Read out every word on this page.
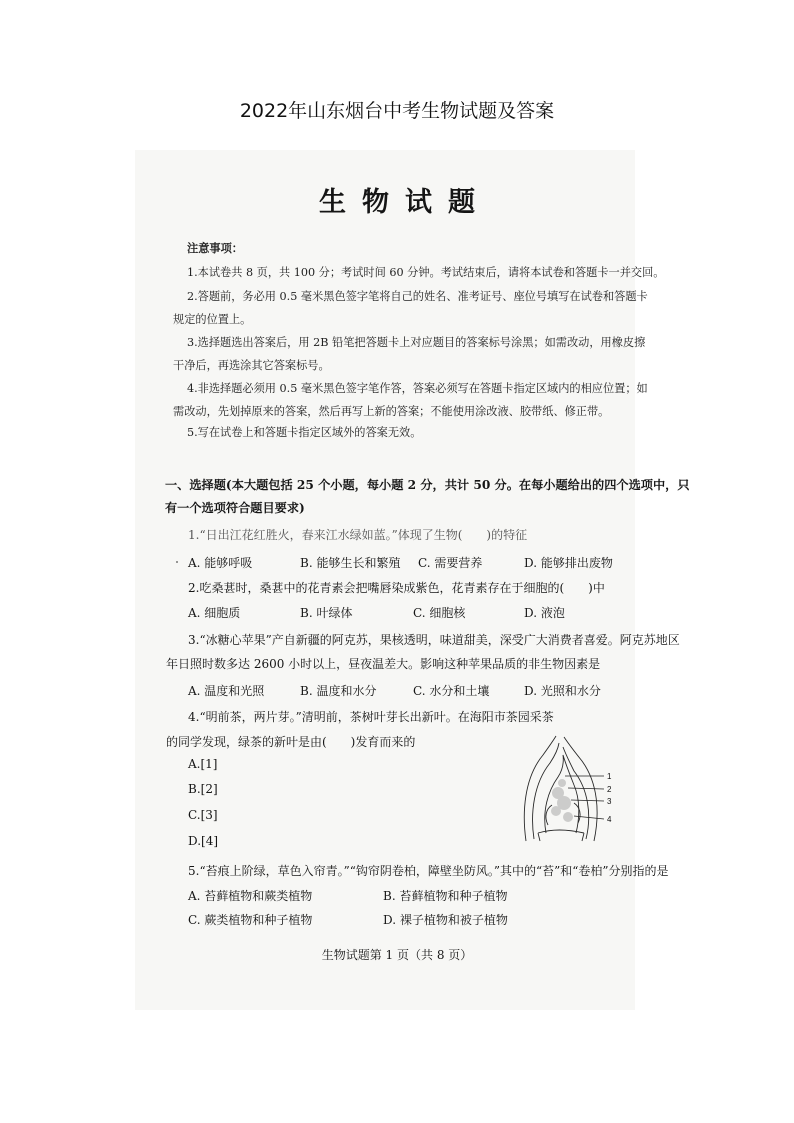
2022年山东烟台中考生物试题及答案
生物试题
注意事项：
1.本试卷共 8 页，共 100 分；考试时间 60 分钟。考试结束后，请将本试卷和答题卡一并交回。
2.答题前，务必用 0.5 毫米黑色签字笔将自己的姓名、准考证号、座位号填写在试卷和答题卡
规定的位置上。
3.选择题选出答案后，用 2B 铅笔把答题卡上对应题目的答案标号涂黑；如需改动，用橡皮擦
干净后，再选涂其它答案标号。
4.非选择题必须用 0.5 毫米黑色签字笔作答，答案必须写在答题卡指定区域内的相应位置；如
需改动，先划掉原来的答案，然后再写上新的答案；不能使用涂改液、胶带纸、修正带。
5.写在试卷上和答题卡指定区域外的答案无效。
一、选择题(本大题包括 25 个小题，每小题 2 分，共计 50 分。在每小题给出的四个选项中，只
有一个选项符合题目要求)
1.“日出江花红胜火，春来江水绿如蓝。”体现了生物(　　)的特征
A. 能够呼吸	B. 能够生长和繁殖 C. 需要营养	D. 能够排出废物
2.吃桑葚时，桑葚中的花青素会把嘴唇染成紫色，花青素存在于细胞的(　　)中
A. 细胞质	B. 叶绿体	C. 细胞核	D. 液泡
3.“冰糖心苹果”产自新疆的阿克苏，果核透明，味道甜美，深受广大消费者喜爱。阿克苏地区
年日照时数多达 2600 小时以上，昼夜温差大。影响这种苹果品质的非生物因素是
A. 温度和光照	B. 温度和水分	C. 水分和土壤	D. 光照和水分
4.“明前茶，两片芽。”清明前，茶树叶芽长出新叶。在海阳市茶园采茶
的同学发现，绿茶的新叶是由(　　)发育而来的
A.[1]
B.[2]
C.[3]
D.[4]
1
2
3
4
5.“苔痕上阶绿，草色入帘青。”“钩帘阴卷柏，障壁坐防风。”其中的“苔”和“卷柏”分别指的是
A. 苔藓植物和蕨类植物	B. 苔藓植物和种子植物
C. 蕨类植物和种子植物	D. 裸子植物和被子植物
生物试题第 1 页（共 8 页）
